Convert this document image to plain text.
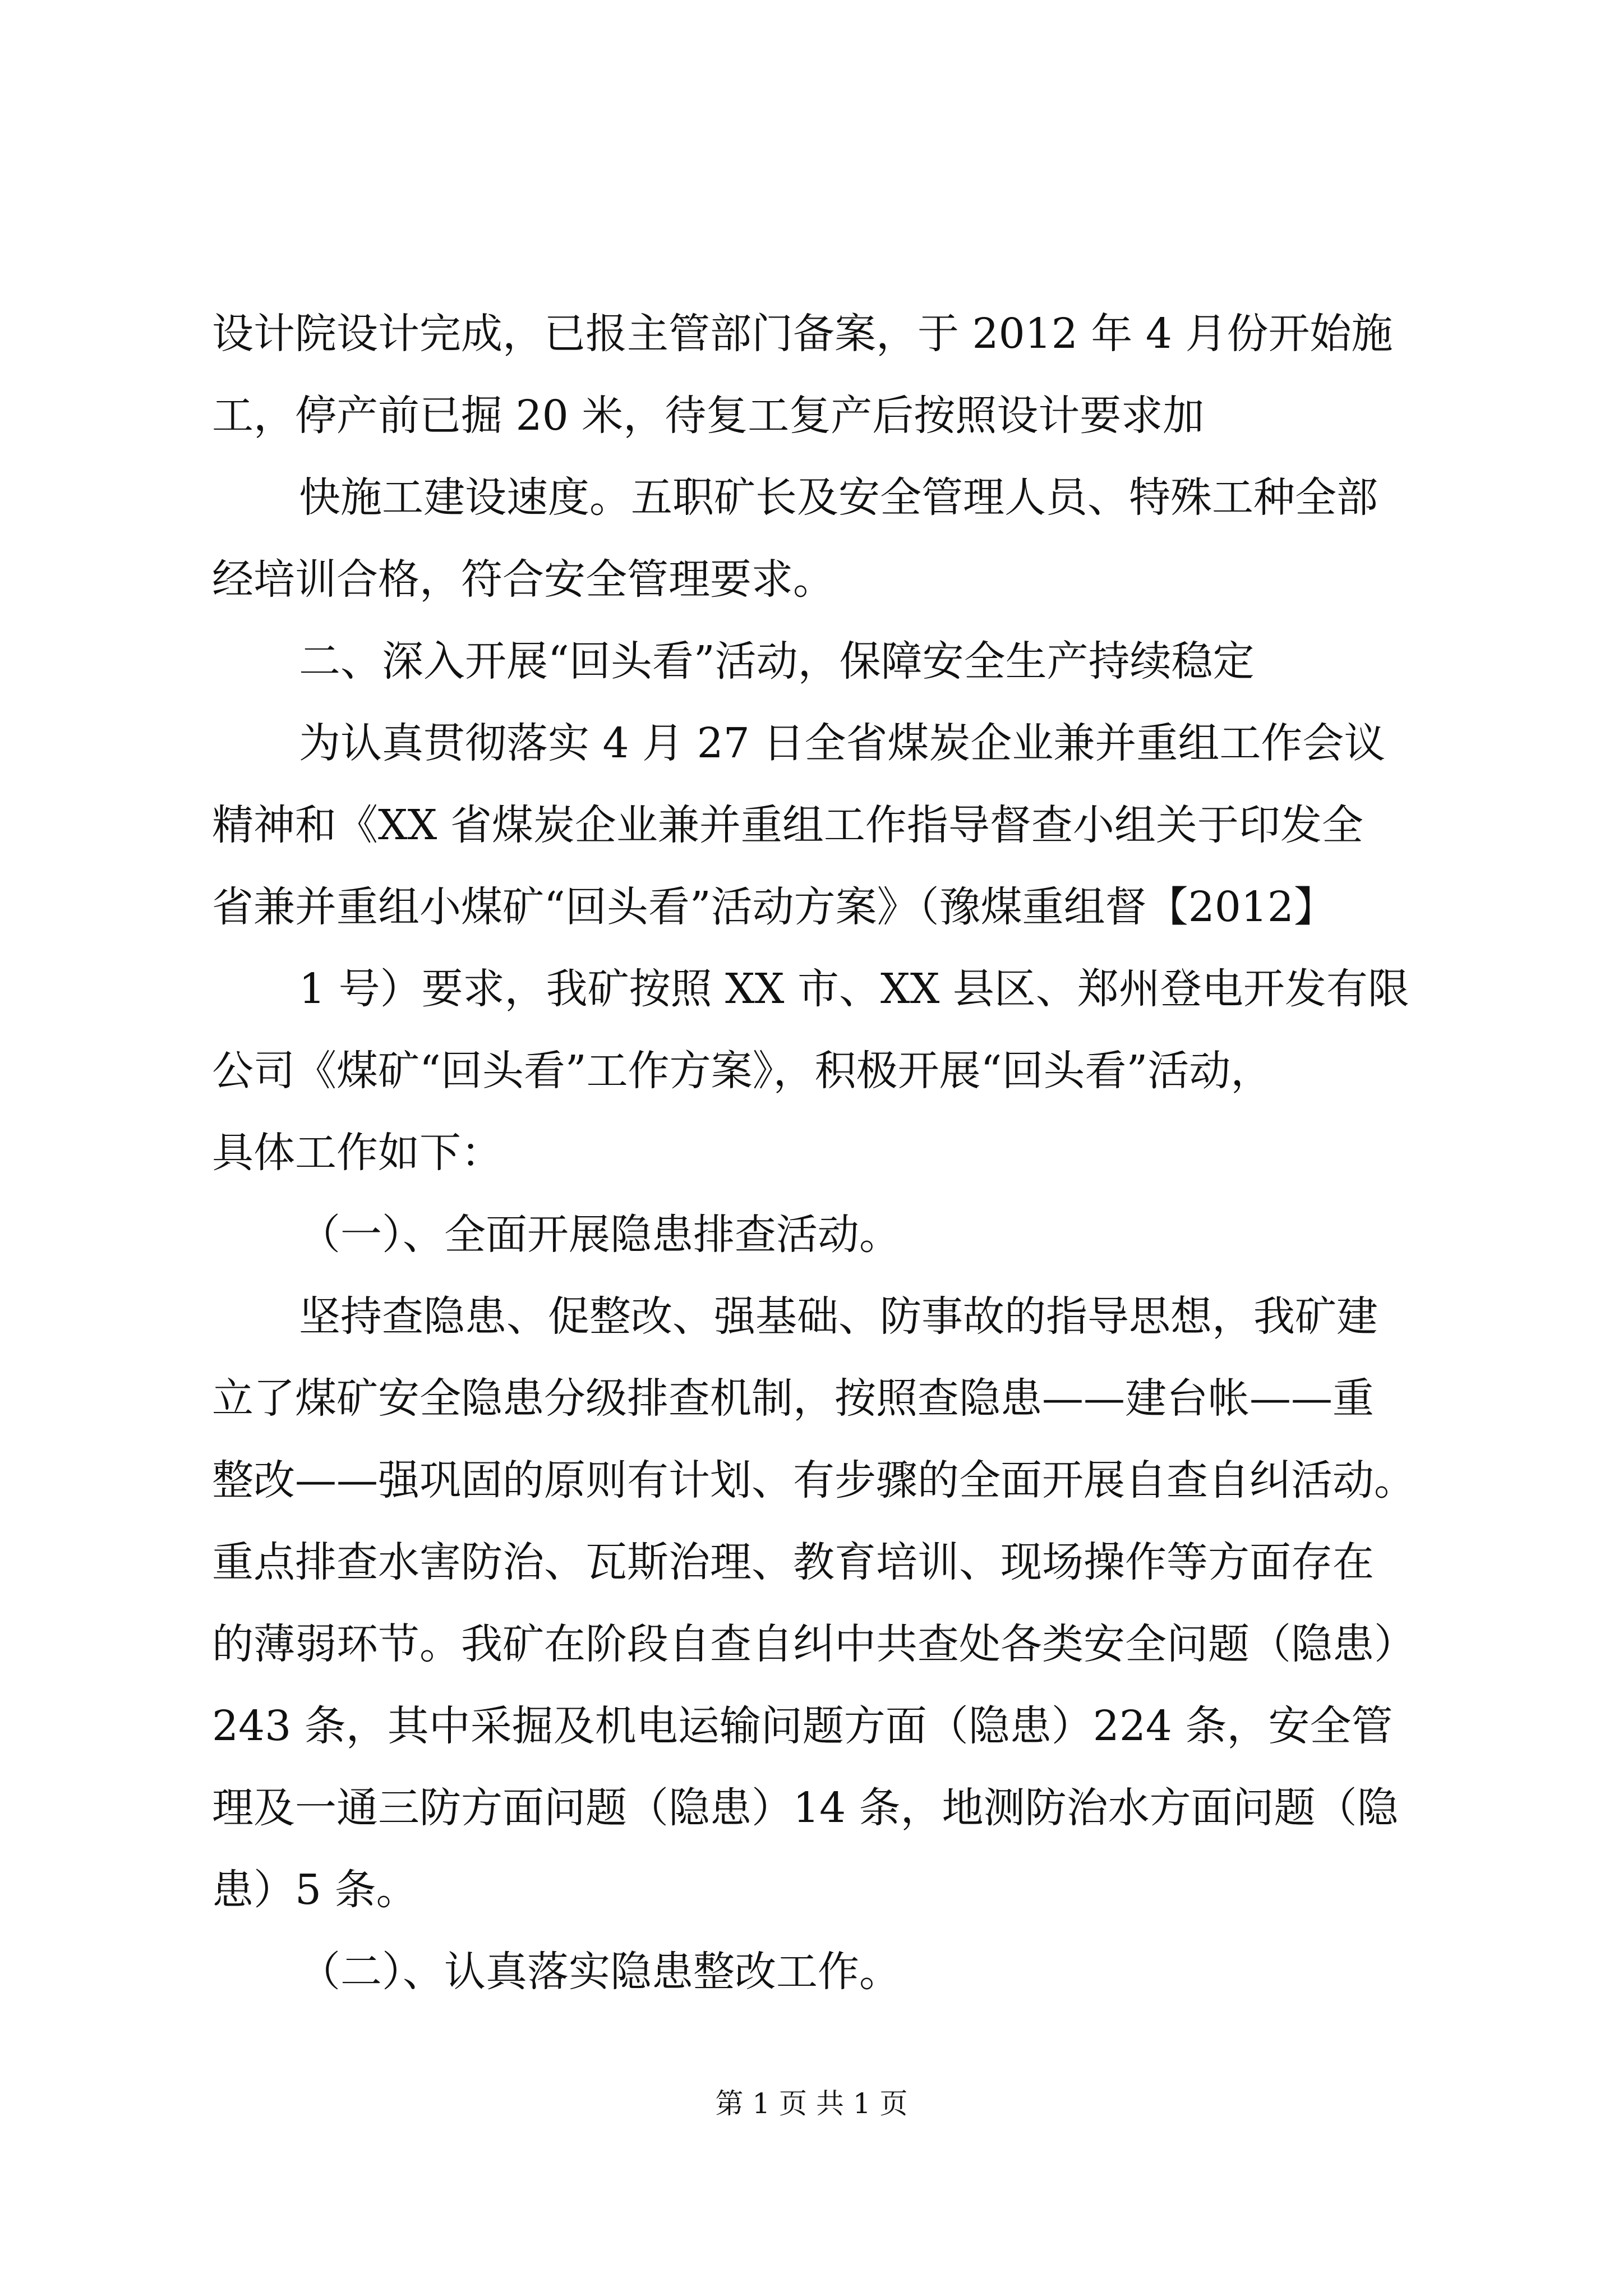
设计院设计完成，已报主管部门备案，于 2012 年 4 月份开始施
工，停产前已掘 20 米，待复工复产后按照设计要求加
快施工建设速度。五职矿长及安全管理人员、特殊工种全部
经培训合格，符合安全管理要求。
二、深入开展“回头看”活动，保障安全生产持续稳定
为认真贯彻落实 4 月 27 日全省煤炭企业兼并重组工作会议
精神和《XX 省煤炭企业兼并重组工作指导督查小组关于印发全
省兼并重组小煤矿“回头看”活动方案》（豫煤重组督【2012】
1 号）要求，我矿按照 XX 市、XX 县区、郑州登电开发有限
公司《煤矿“回头看”工作方案》，积极开展“回头看”活动，
具体工作如下：
（一）、全面开展隐患排查活动。
坚持查隐患、促整改、强基础、防事故的指导思想，我矿建
立了煤矿安全隐患分级排查机制，按照查隐患——建台帐——重
整改——强巩固的原则有计划、有步骤的全面开展自查自纠活动。
重点排查水害防治、瓦斯治理、教育培训、现场操作等方面存在
的薄弱环节。我矿在阶段自查自纠中共查处各类安全问题（隐患）
243 条，其中采掘及机电运输问题方面（隐患）224 条，安全管
理及一通三防方面问题（隐患）14 条，地测防治水方面问题（隐
患）5 条。
（二）、认真落实隐患整改工作。
第 1 页 共 1 页
